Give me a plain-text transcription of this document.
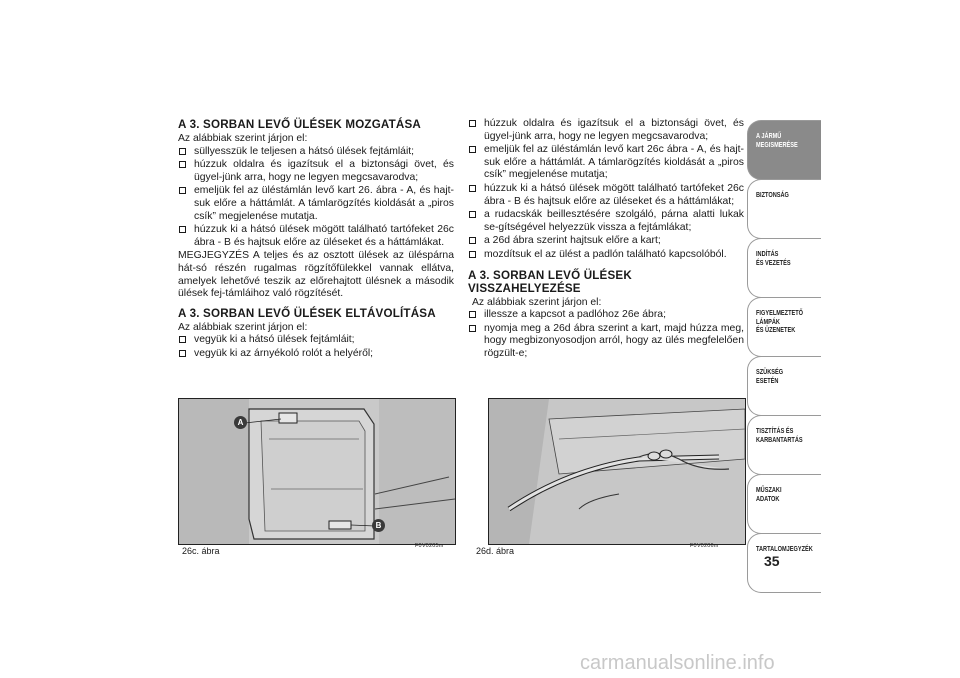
A 3. SORBAN LEVŐ ÜLÉSEK MOZGATÁSA

Az alábbiak szerint járjon el:

süllyesszük le teljesen a hátsó ülések fejtámláit;
húzzuk oldalra és igazítsuk el a biztonsági övet, és ügyel-jünk arra, hogy ne legyen megcsavarodva;
emeljük fel az üléstámlán levő kart 26. ábra - A, és hajt-suk előre a háttámlát. A támlarögzítés kioldását a „piros csík” megjelenése mutatja.
húzzuk ki a hátsó ülések mögött található tartófeket 26c ábra - B és hajtsuk előre az üléseket és a háttámlákat.

MEGJEGYZÉS A teljes és az osztott ülések az üléspárna hát-só részén rugalmas rögzítőfülekkel vannak ellátva, amelyek lehetővé teszik az előrehajtott ülésnek a második ülések fej-támláihoz való rögzítését.

A 3. SORBAN LEVŐ ÜLÉSEK ELTÁVOLÍTÁSA

Az alábbiak szerint járjon el:

vegyük ki a hátsó ülések fejtámláit;
vegyük ki az árnyékoló rolót a helyéről;
húzzuk oldalra és igazítsuk el a biztonsági övet, és ügyel-jünk arra, hogy ne legyen megcsavarodva;
emeljük fel az üléstámlán levő kart 26c ábra - A, és hajt-suk előre a háttámlát. A támlarögzítés kioldását a „piros csík” megjelenése mutatja;
húzzuk ki a hátsó ülések mögött található tartófeket 26c ábra - B és hajtsuk előre az üléseket és a háttámlákat;
a rudacskák beillesztésére szolgáló, párna alatti lukak se-gítségével helyezzük vissza a fejtámlákat;
a 26d ábra szerint hajtsuk előre a kart;
mozdítsuk el az ülést a padlón található kapcsolóból.
A 3. SORBAN LEVŐ ÜLÉSEK
VISSZAHELYEZÉSE

Az alábbiak szerint járjon el:

illessze a kapcsot a padlóhoz 26e ábra;
nyomja meg a 26d ábra szerint a kart, majd húzza meg, hogy megbizonyosodjon arról, hogy az ülés megfelelően rögzült-e;
A
B
26c. ábra	F0V0205m	26d. ábra	F0V0206m
A JÁRMŰ
MEGISMERÉSE
BIZTONSÁG
INDÍTÁS
ÉS VEZETÉS
FIGYELMEZTETŐ
LÁMPÁK
ÉS ÜZENETEK
SZÜKSÉG
ESETÉN
TISZTÍTÁS ÉS
KARBANTARTÁS
MŰSZAKI
ADATOK
TARTALOMJEGYZÉK
35
carmanualsonline.info
